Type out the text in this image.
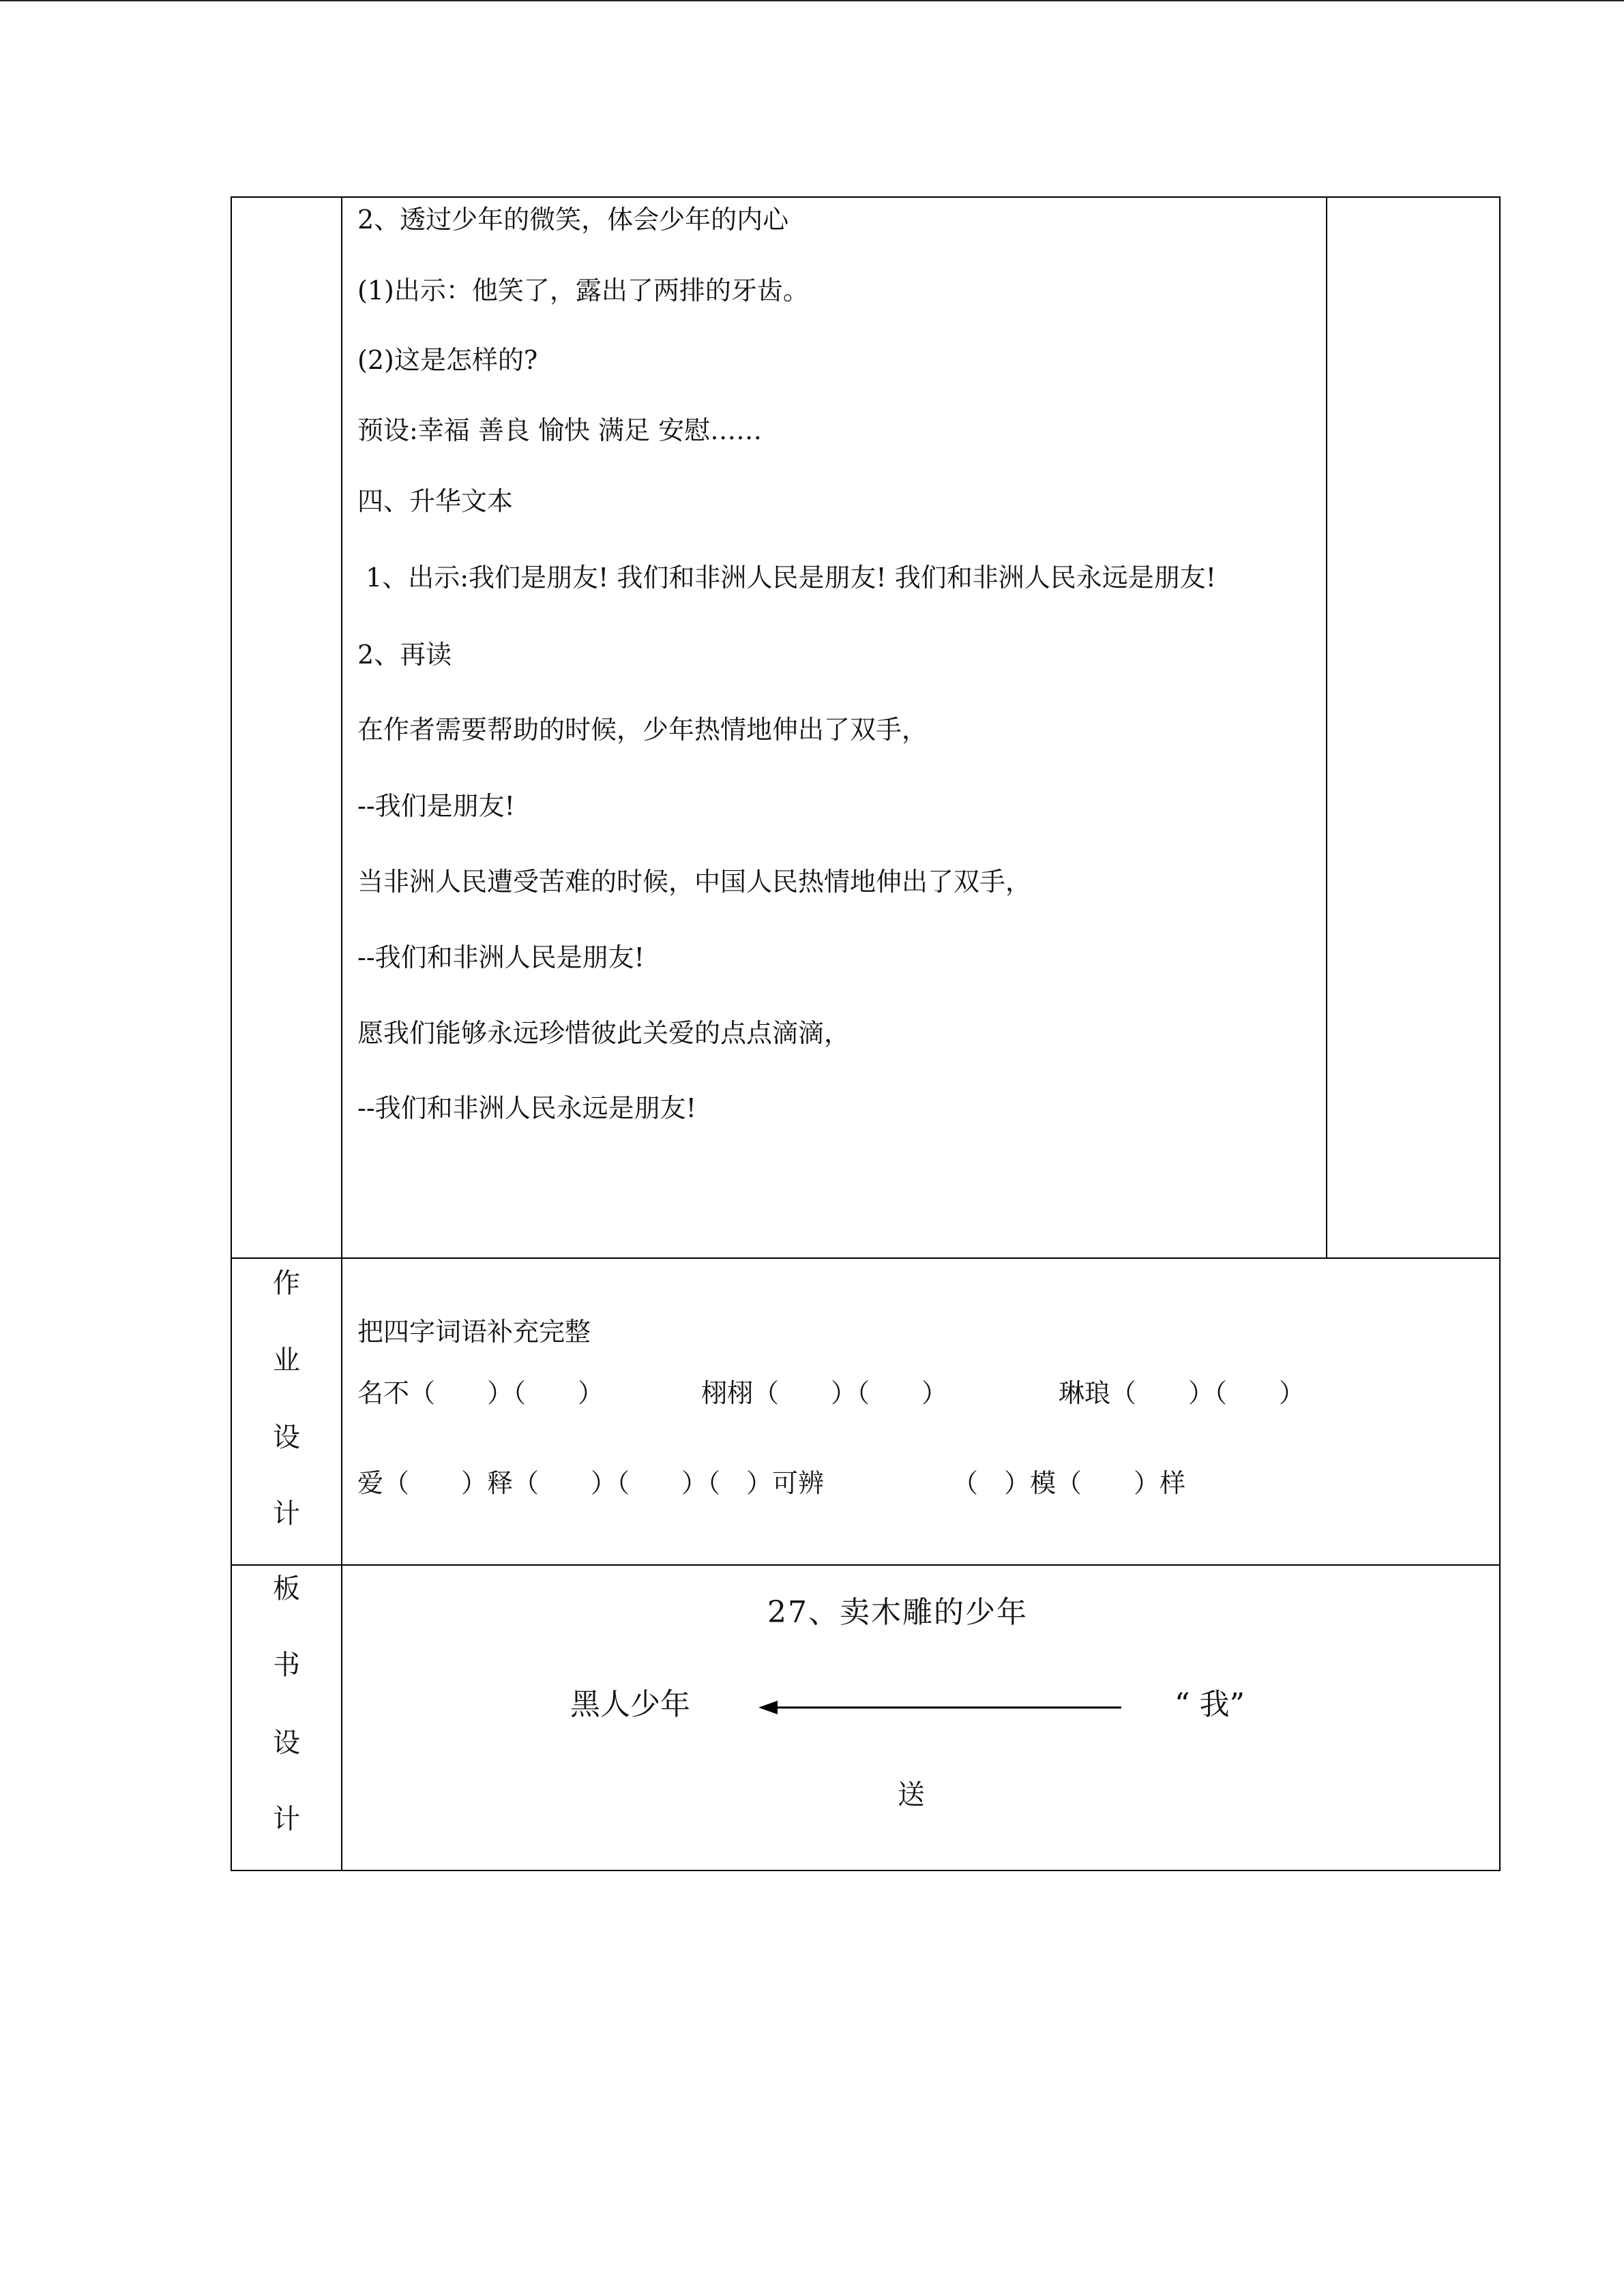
2、透过少年的微笑，体会少年的内心
(1)出示：他笑了，露出了两排的牙齿。
(2)这是怎样的?
预设:幸福 善良 愉快 满足 安慰……
四、升华文本
1、出示:我们是朋友! 我们和非洲人民是朋友! 我们和非洲人民永远是朋友!
2、再读
在作者需要帮助的时候，少年热情地伸出了双手，
--我们是朋友!
当非洲人民遭受苦难的时候，中国人民热情地伸出了双手，
--我们和非洲人民是朋友!
愿我们能够永远珍惜彼此关爱的点点滴滴，
--我们和非洲人民永远是朋友!
作
业
设
计
把四字词语补充完整
名不（　　）（　　）	栩栩（　　）（　　）	琳琅（　　）（　　）
爱（　　）释（　　）（　　）（　）可辨	（　）模（　　）样
板
书
设
计
27、卖木雕的少年
黑人少年	“ 我”
送
